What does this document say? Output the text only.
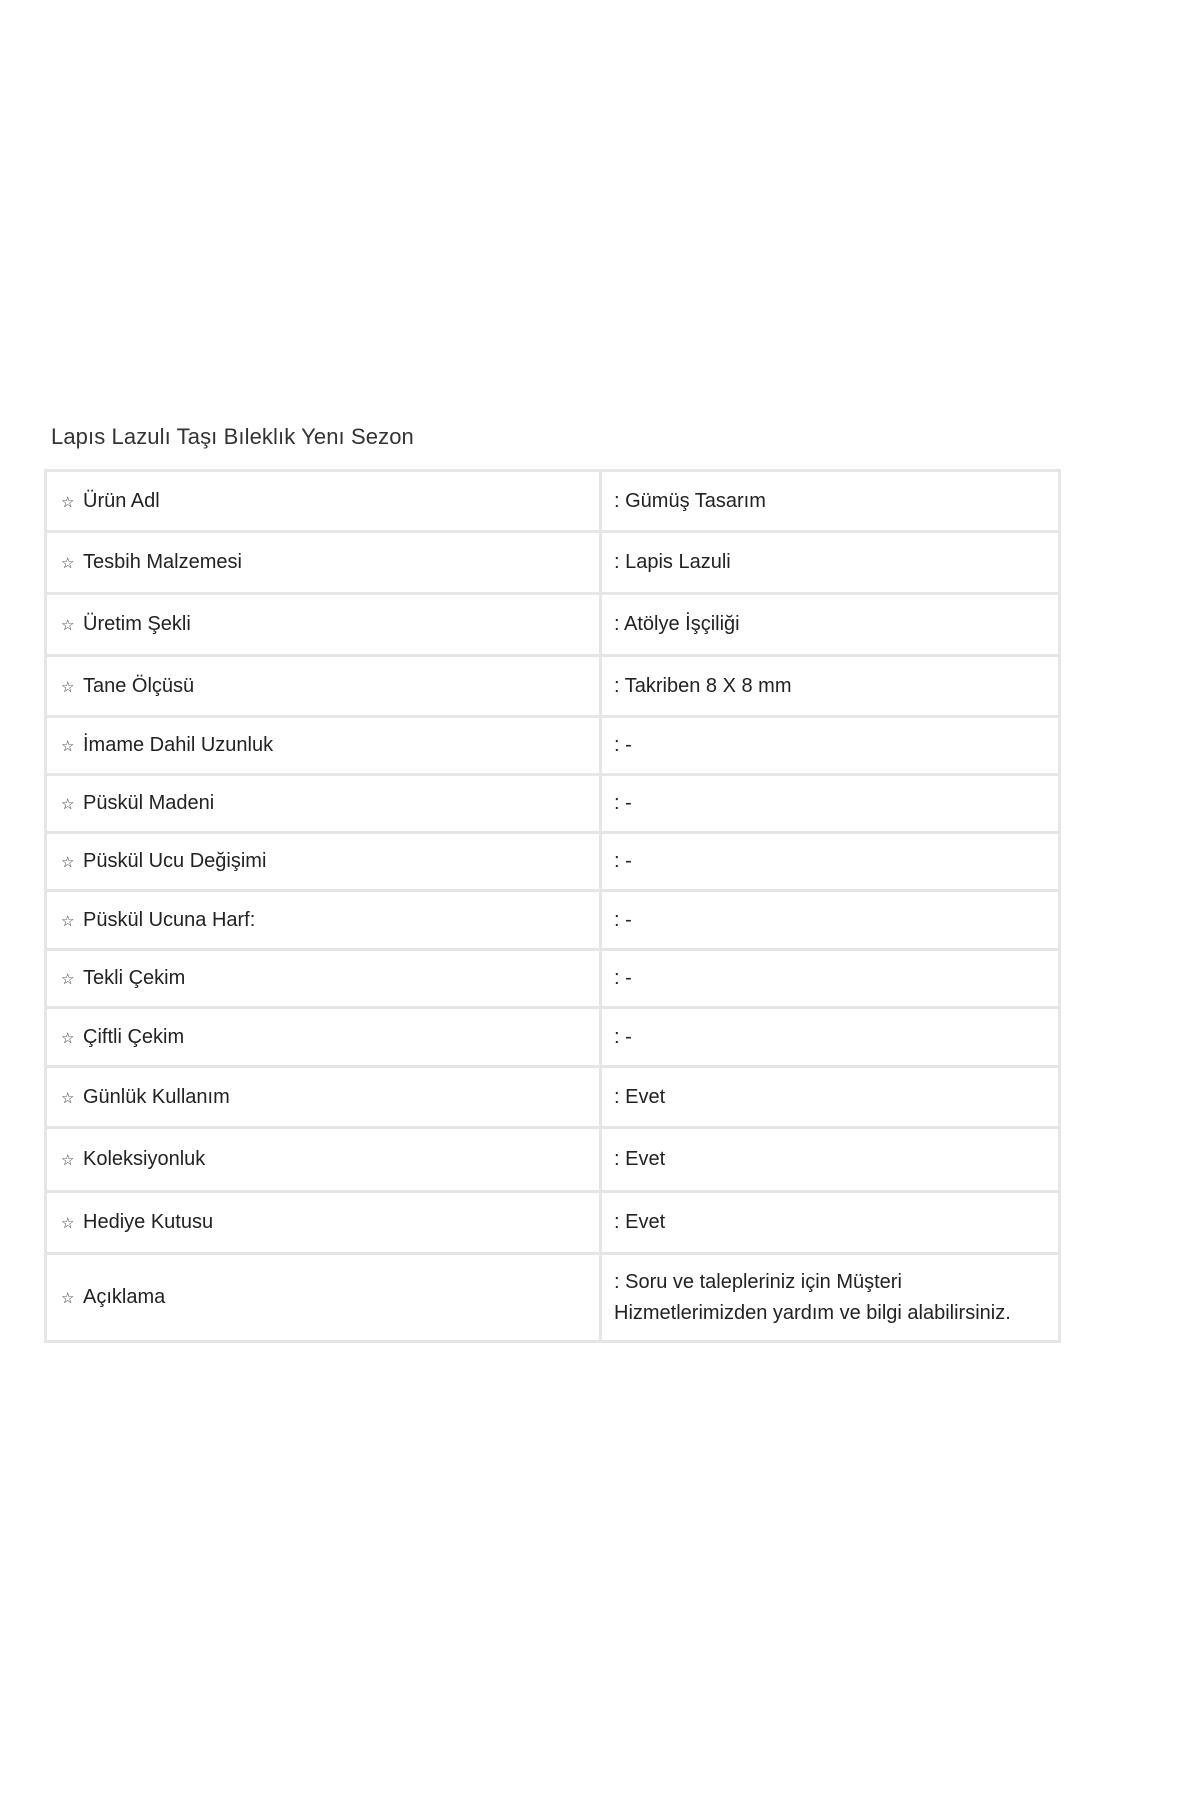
Lapıs Lazulı Taşı Bıleklık Yenı Sezon
☆ Ürün Adl	: Gümüş Tasarım
☆ Tesbih Malzemesi	: Lapis Lazuli
☆ Üretim Şekli	: Atölye İşçiliği
☆ Tane Ölçüsü	: Takriben 8 X 8 mm
☆ İmame Dahil Uzunluk	: -
☆ Püskül Madeni	: -
☆ Püskül Ucu Değişimi	: -
☆ Püskül Ucuna Harf:	: -
☆ Tekli Çekim	: -
☆ Çiftli Çekim	: -
☆ Günlük Kullanım	: Evet
☆ Koleksiyonluk	: Evet
☆ Hediye Kutusu	: Evet
☆ Açıklama	: Soru ve talepleriniz için Müşteri Hizmetlerimizden yardım ve bilgi alabilirsiniz.
